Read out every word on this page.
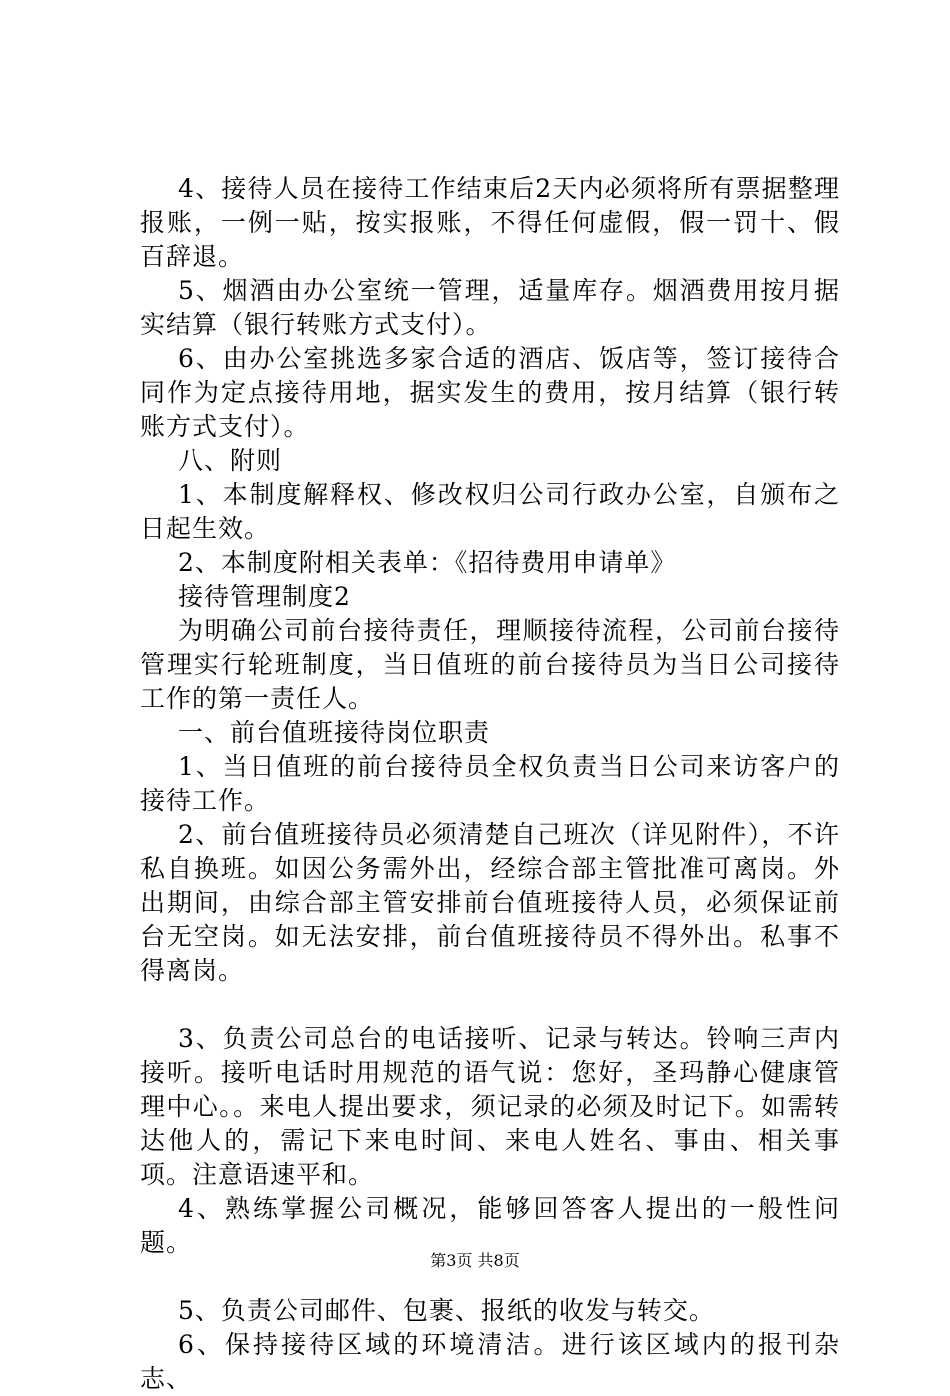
4、接待人员在接待工作结束后2天内必须将所有票据整理报账，一例一贴，按实报账，不得任何虚假，假一罚十、假百辞退。

5、烟酒由办公室统一管理，适量库存。烟酒费用按月据实结算（银行转账方式支付）。

6、由办公室挑选多家合适的酒店、饭店等，签订接待合同作为定点接待用地，据实发生的费用，按月结算（银行转账方式支付）。

八、附则

1、本制度解释权、修改权归公司行政办公室，自颁布之日起生效。

2、本制度附相关表单：《招待费用申请单》

接待管理制度2

为明确公司前台接待责任，理顺接待流程，公司前台接待管理实行轮班制度，当日值班的前台接待员为当日公司接待工作的第一责任人。

一、前台值班接待岗位职责

1、当日值班的前台接待员全权负责当日公司来访客户的接待工作。

2、前台值班接待员必须清楚自己班次（详见附件），不许私自换班。如因公务需外出，经综合部主管批准可离岗。外出期间，由综合部主管安排前台值班接待人员，必须保证前台无空岗。如无法安排，前台值班接待员不得外出。私事不得离岗。

3、负责公司总台的电话接听、记录与转达。铃响三声内接听。接听电话时用规范的语气说：您好，圣玛静心健康管理中心。。来电人提出要求，须记录的必须及时记下。如需转达他人的，需记下来电时间、来电人姓名、事由、相关事项。注意语速平和。

4、熟练掌握公司概况，能够回答客人提出的一般性问题。

5、负责公司邮件、包裹、报纸的收发与转交。

6、保持接待区域的环境清洁。进行该区域内的报刊杂志、

第3页 共8页
